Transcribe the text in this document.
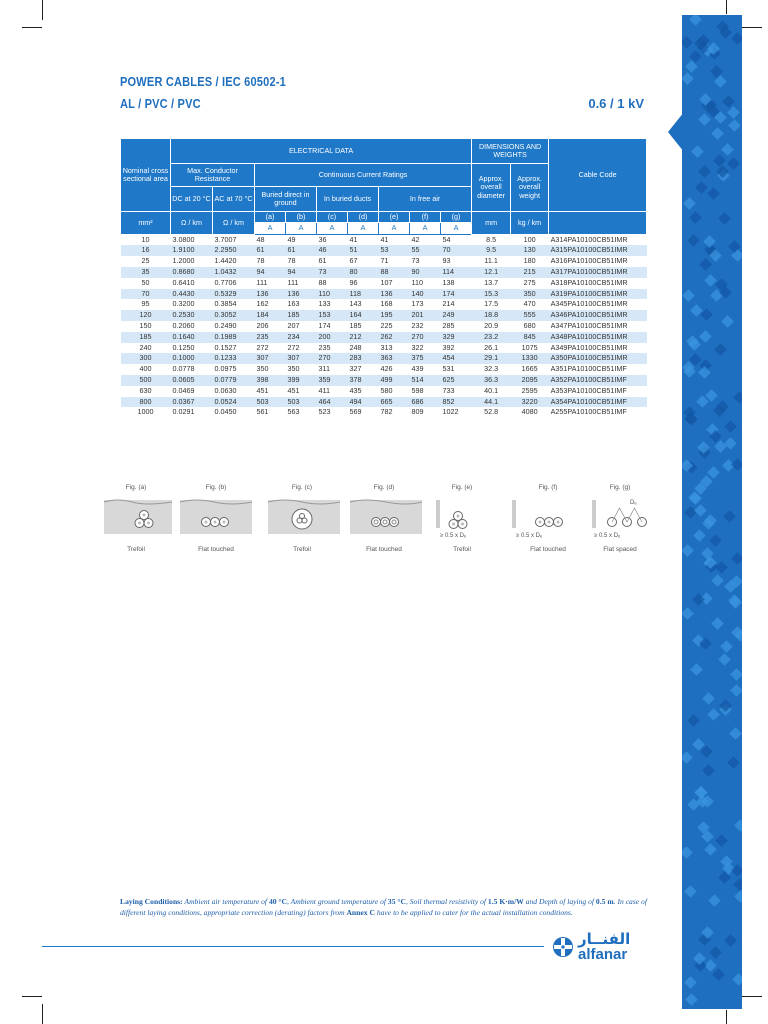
POWER CABLES / IEC 60502-1
AL / PVC / PVC	0.6 / 1 kV
Nominal cross sectional area	ELECTRICAL DATA									DIMENSIONS AND WEIGHTS		Cable Code
	Max. Conductor Resistance		Continuous Current Ratings							Approx. overall diameter	Approx. overall weight	
	DC at 20 °C	AC at 70 °C	Buried direct in ground		In buried ducts		In free air					
mm²	Ω / km	Ω / km	(a)	(b)	(c)	(d)	(e)	(f)	(g)	mm	kg / km	
			A	A	A	A	A	A	A			
10	3.0800	3.7007	48	49	36	41	41	42	54	8.5	100	A314PA10100CB51IMR
16	1.9100	2.2950	61	61	46	51	53	55	70	9.5	130	A315PA10100CB51IMR
25	1.2000	1.4420	78	78	61	67	71	73	93	11.1	180	A316PA10100CB51IMR
35	0.8680	1.0432	94	94	73	80	88	90	114	12.1	215	A317PA10100CB51IMR
50	0.6410	0.7706	111	111	88	96	107	110	138	13.7	275	A318PA10100CB51IMR
70	0.4430	0.5329	136	136	110	118	136	140	174	15.3	350	A319PA10100CB51IMR
95	0.3200	0.3854	162	163	133	143	168	173	214	17.5	470	A345PA10100CB51IMR
120	0.2530	0.3052	184	185	153	164	195	201	249	18.8	555	A346PA10100CB51IMR
150	0.2060	0.2490	206	207	174	185	225	232	285	20.9	680	A347PA10100CB51IMR
185	0.1640	0.1989	235	234	200	212	262	270	329	23.2	845	A348PA10100CB51IMR
240	0.1250	0.1527	272	272	235	248	313	322	392	26.1	1075	A349PA10100CB51IMR
300	0.1000	0.1233	307	307	270	283	363	375	454	29.1	1330	A350PA10100CB51IMR
400	0.0778	0.0975	350	350	311	327	426	439	531	32.3	1665	A351PA10100CB51IMF
500	0.0605	0.0779	398	399	359	378	499	514	625	36.3	2095	A352PA10100CB51IMF
630	0.0469	0.0630	451	451	411	435	580	598	733	40.1	2595	A353PA10100CB51IMF
800	0.0367	0.0524	503	503	464	494	665	686	852	44.1	3220	A354PA10100CB51IMF
1000	0.0291	0.0450	561	563	523	569	782	809	1022	52.8	4080	A255PA10100CB51IMF
Fig. (a)
Trefoil
Fig. (b)
Flat touched
Fig. (c)
Trefoil
Fig. (d)
Flat touched
Fig. (e)
≥ 0.5 x Dₑ
Trefoil
Fig. (f)
≥ 0.5 x Dₑ
Flat touched
Fig. (g)
Dₑ
≥ 0.5 x Dₑ
Flat spaced
Laying Conditions: Ambient air temperature of 40 °C, Ambient ground temperature of 35 °C, Soil thermal resistivity of 1.5 K·m/W and Depth of laying of 0.5 m. In case of different laying conditions, appropriate correction (derating) factors from Annex C have to be applied to cater for the actual installation conditions.
الفنــار
alfanar
